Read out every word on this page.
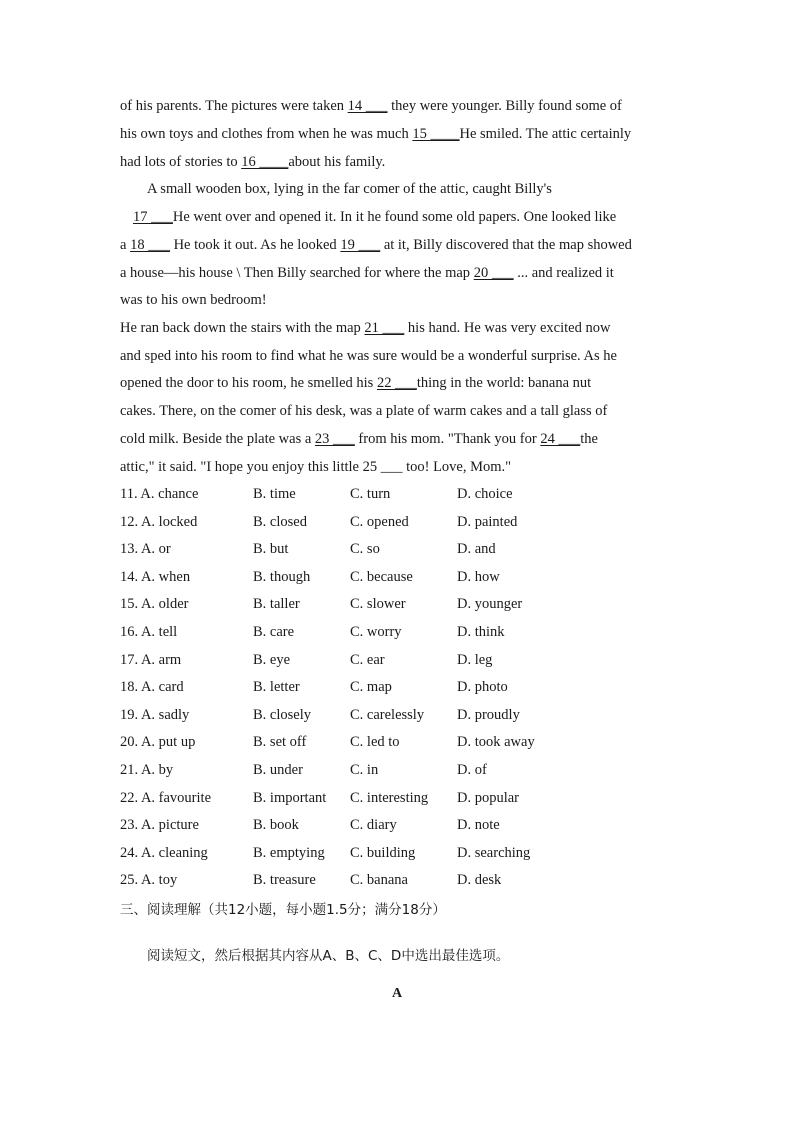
of his parents. The pictures were taken 14 ___ they were younger. Billy found some of
his own toys and clothes from when he was much 15 ____He smiled. The attic certainly
had lots of stories to 16 ____about his family.
A small wooden box, lying in the far comer of the attic, caught Billy's
17 ___He went over and opened it. In it he found some old papers. One looked like
a 18 ___ He took it out. As he looked 19 ___ at it, Billy discovered that the map showed
a house—his house \ Then Billy searched for where the map 20 ___ ... and realized it
was to his own bedroom!
He ran back down the stairs with the map 21 ___ his hand. He was very excited now
and sped into his room to find what he was sure would be a wonderful surprise. As he
opened the door to his room, he smelled his 22 ___thing in the world: banana nut
cakes. There, on the comer of his desk, was a plate of warm cakes and a tall glass of
cold milk. Beside the plate was a 23 ___ from his mom. "Thank you for 24 ___the
attic," it said. "I hope you enjoy this little 25 ___ too! Love, Mom."
11. A. chance	B. time	C. turn	D. choice
12. A. locked	B. closed	C. opened	D. painted
13. A. or	B. but	C. so	D. and
14. A. when	B. though	C. because	D. how
15. A. older	B. taller	C. slower	D. younger
16. A. tell	B. care	C. worry	D. think
17. A. arm	B. eye	C. ear	D. leg
18. A. card	B. letter	C. map	D. photo
19. A. sadly	B. closely	C. carelessly D. proudly
20. A. put up	B. set off	C. led to	D. took away
21. A. by	B. under	C. in	D. of
22. A. favourite	B. important C. interesting D. popular
23. A. picture	B. book	C. diary	D. note
24. A. cleaning	B. emptying C. building	D. searching
25. A. toy	B. treasure C. banana	D. desk
三、阅读理解（共12小题，每小题1.5分；满分18分）
阅读短文，然后根据其内容从A、B、C、D中选出最佳选项。
A
